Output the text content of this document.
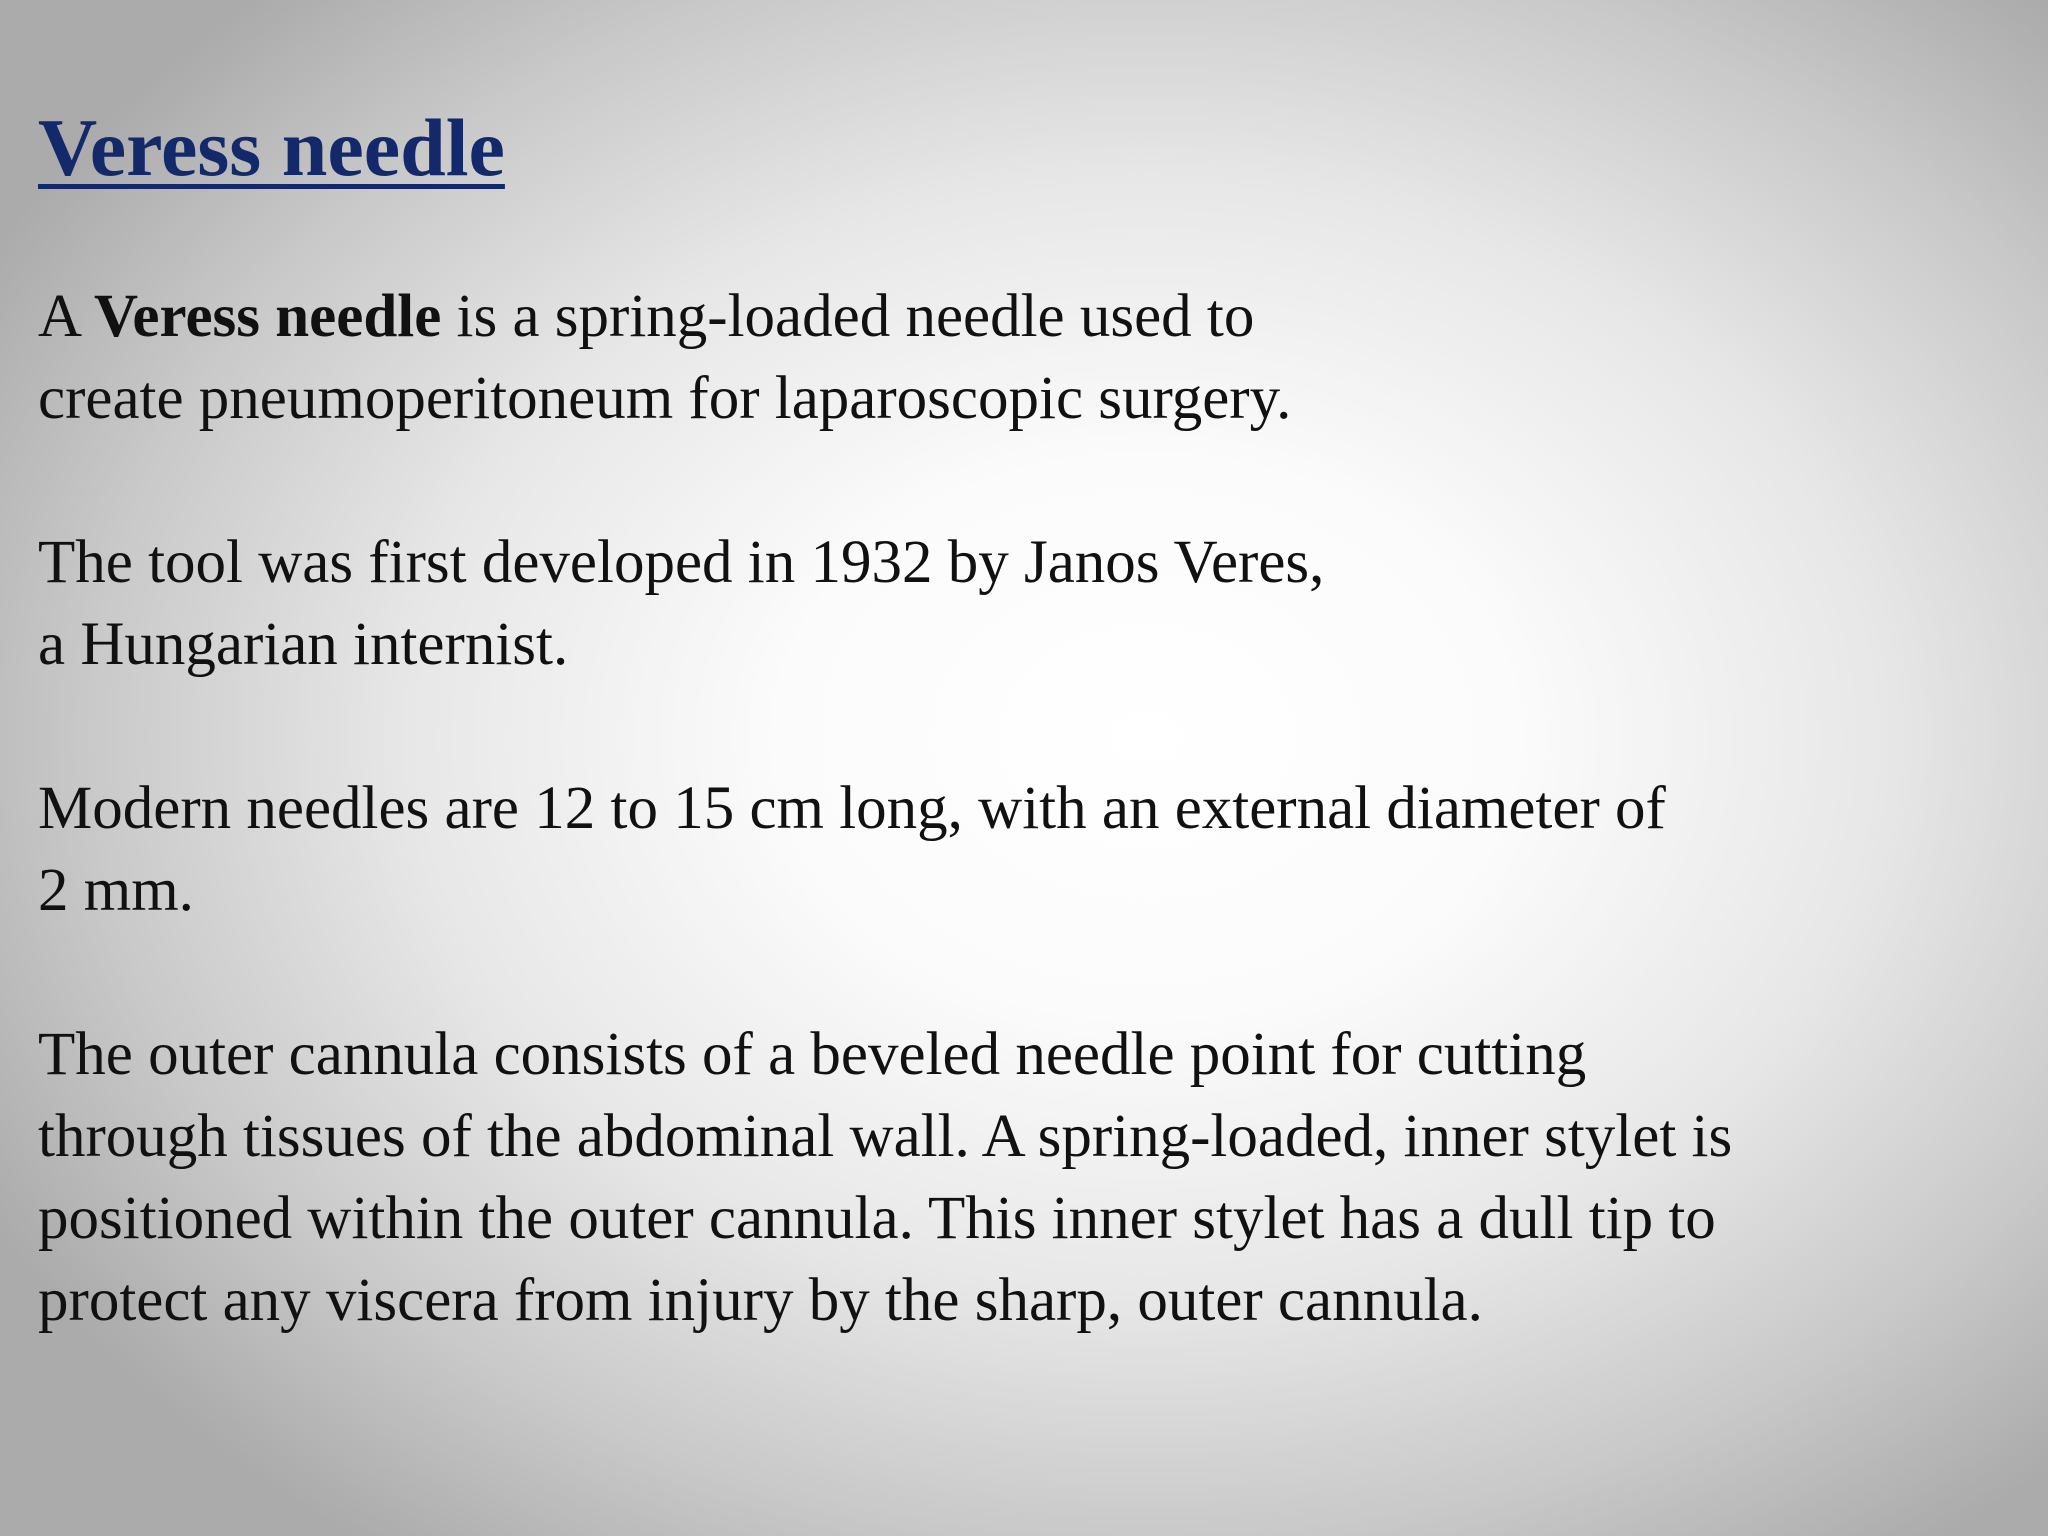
Veress needle

A Veress needle is a spring-loaded needle used to
create pneumoperitoneum for laparoscopic surgery.

The tool was first developed in 1932 by Janos Veres,
a Hungarian internist.

Modern needles are 12 to 15 cm long, with an external diameter of
2 mm.

The outer cannula consists of a beveled needle point for cutting
through tissues of the abdominal wall. A spring-loaded, inner stylet is
positioned within the outer cannula. This inner stylet has a dull tip to
protect any viscera from injury by the sharp, outer cannula.
